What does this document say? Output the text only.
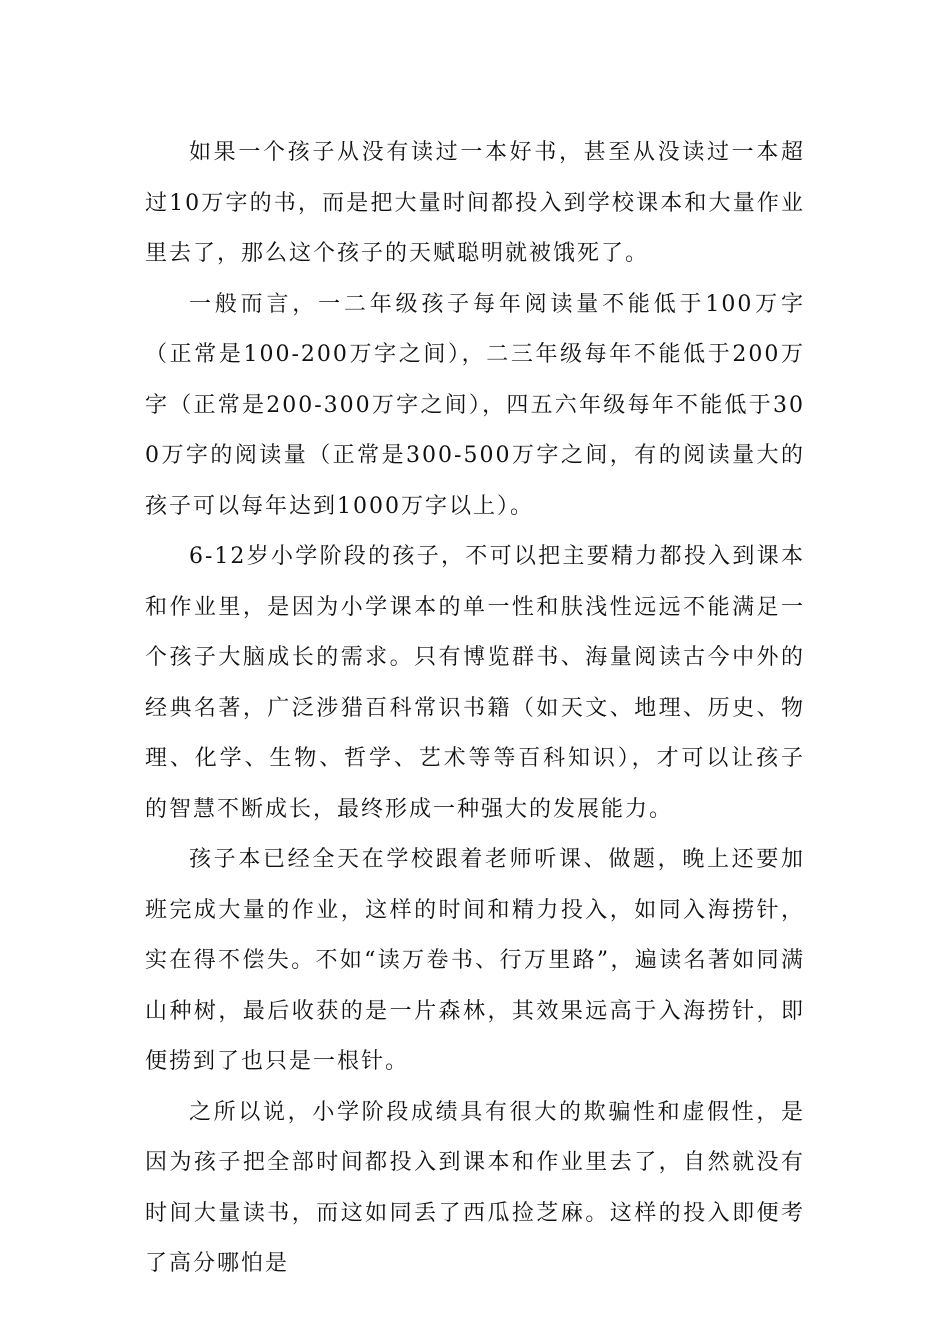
如果一个孩子从没有读过一本好书，甚至从没读过一本超过10万字的书，而是把大量时间都投入到学校课本和大量作业里去了，那么这个孩子的天赋聪明就被饿死了。

一般而言，一二年级孩子每年阅读量不能低于100万字（正常是100-200万字之间），二三年级每年不能低于200万字（正常是200-300万字之间），四五六年级每年不能低于300万字的阅读量（正常是300-500万字之间，有的阅读量大的孩子可以每年达到1000万字以上）。

6-12岁小学阶段的孩子，不可以把主要精力都投入到课本和作业里，是因为小学课本的单一性和肤浅性远远不能满足一个孩子大脑成长的需求。只有博览群书、海量阅读古今中外的经典名著，广泛涉猎百科常识书籍（如天文、地理、历史、物理、化学、生物、哲学、艺术等等百科知识），才可以让孩子的智慧不断成长，最终形成一种强大的发展能力。

孩子本已经全天在学校跟着老师听课、做题，晚上还要加班完成大量的作业，这样的时间和精力投入，如同入海捞针，实在得不偿失。不如“读万卷书、行万里路”，遍读名著如同满山种树，最后收获的是一片森林，其效果远高于入海捞针，即便捞到了也只是一根针。

之所以说，小学阶段成绩具有很大的欺骗性和虚假性，是因为孩子把全部时间都投入到课本和作业里去了，自然就没有时间大量读书，而这如同丢了西瓜捡芝麻。这样的投入即便考了高分哪怕是
